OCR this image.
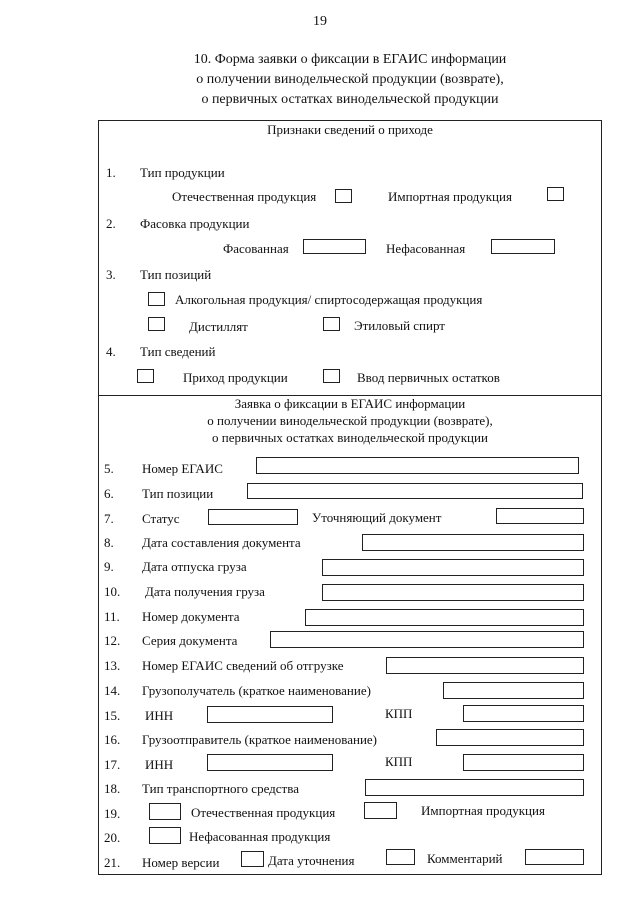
19
10. Форма заявки о фиксации в ЕГАИС информации
о получении винодельческой продукции (возврате),
о первичных остатках винодельческой продукции
Признаки сведений о приходе
1. Тип продукции
Отечественная продукция	Импортная продукция
2. Фасовка продукции
Фасованная	Нефасованная
3. Тип позиций
Алкогольная продукция/ спиртосодержащая продукция
Дистиллят	Этиловый спирт
4. Тип сведений
Приход продукции	Ввод первичных остатков
Заявка о фиксации в ЕГАИС информации
о получении винодельческой продукции (возврате),
о первичных остатках винодельческой продукции
5. Номер ЕГАИС
6. Тип позиции
7. Статус	Уточняющий документ
8. Дата составления документа
9. Дата отпуска груза
10. Дата получения груза
11. Номер документа
12. Серия документа
13. Номер ЕГАИС сведений об отгрузке
14. Грузополучатель (краткое наименование)
15. ИНН	КПП
16. Грузоотправитель (краткое наименование)
17. ИНН	КПП
18. Тип транспортного средства
19.	Отечественная продукция	Импортная продукция
20.	Нефасованная продукция
21. Номер версии	Дата уточнения	Комментарий
